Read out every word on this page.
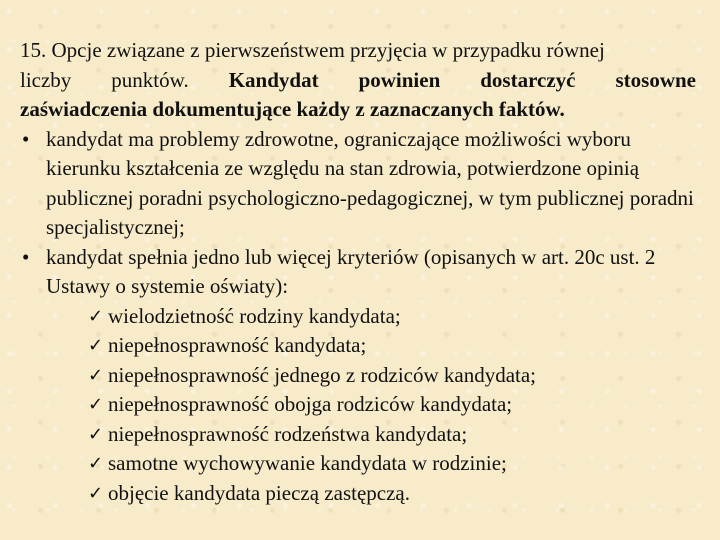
15. Opcje związane z pierwszeństwem przyjęcia w przypadku równej
liczby punktów. Kandydat powinien dostarczyć stosowne
zaświadczenia dokumentujące każdy z zaznaczanych faktów.

• kandydat ma problemy zdrowotne, ograniczające możliwości wyboru kierunku kształcenia ze względu na stan zdrowia, potwierdzone opinią publicznej poradni psychologiczno-pedagogicznej, w tym publicznej poradni specjalistycznej;
• kandydat spełnia jedno lub więcej kryteriów (opisanych w art. 20c ust. 2 Ustawy o systemie oświaty):
✓ wielodzietność rodziny kandydata;
✓ niepełnosprawność kandydata;
✓ niepełnosprawność jednego z rodziców kandydata;
✓ niepełnosprawność obojga rodziców kandydata;
✓ niepełnosprawność rodzeństwa kandydata;
✓ samotne wychowywanie kandydata w rodzinie;
✓ objęcie kandydata pieczą zastępczą.
